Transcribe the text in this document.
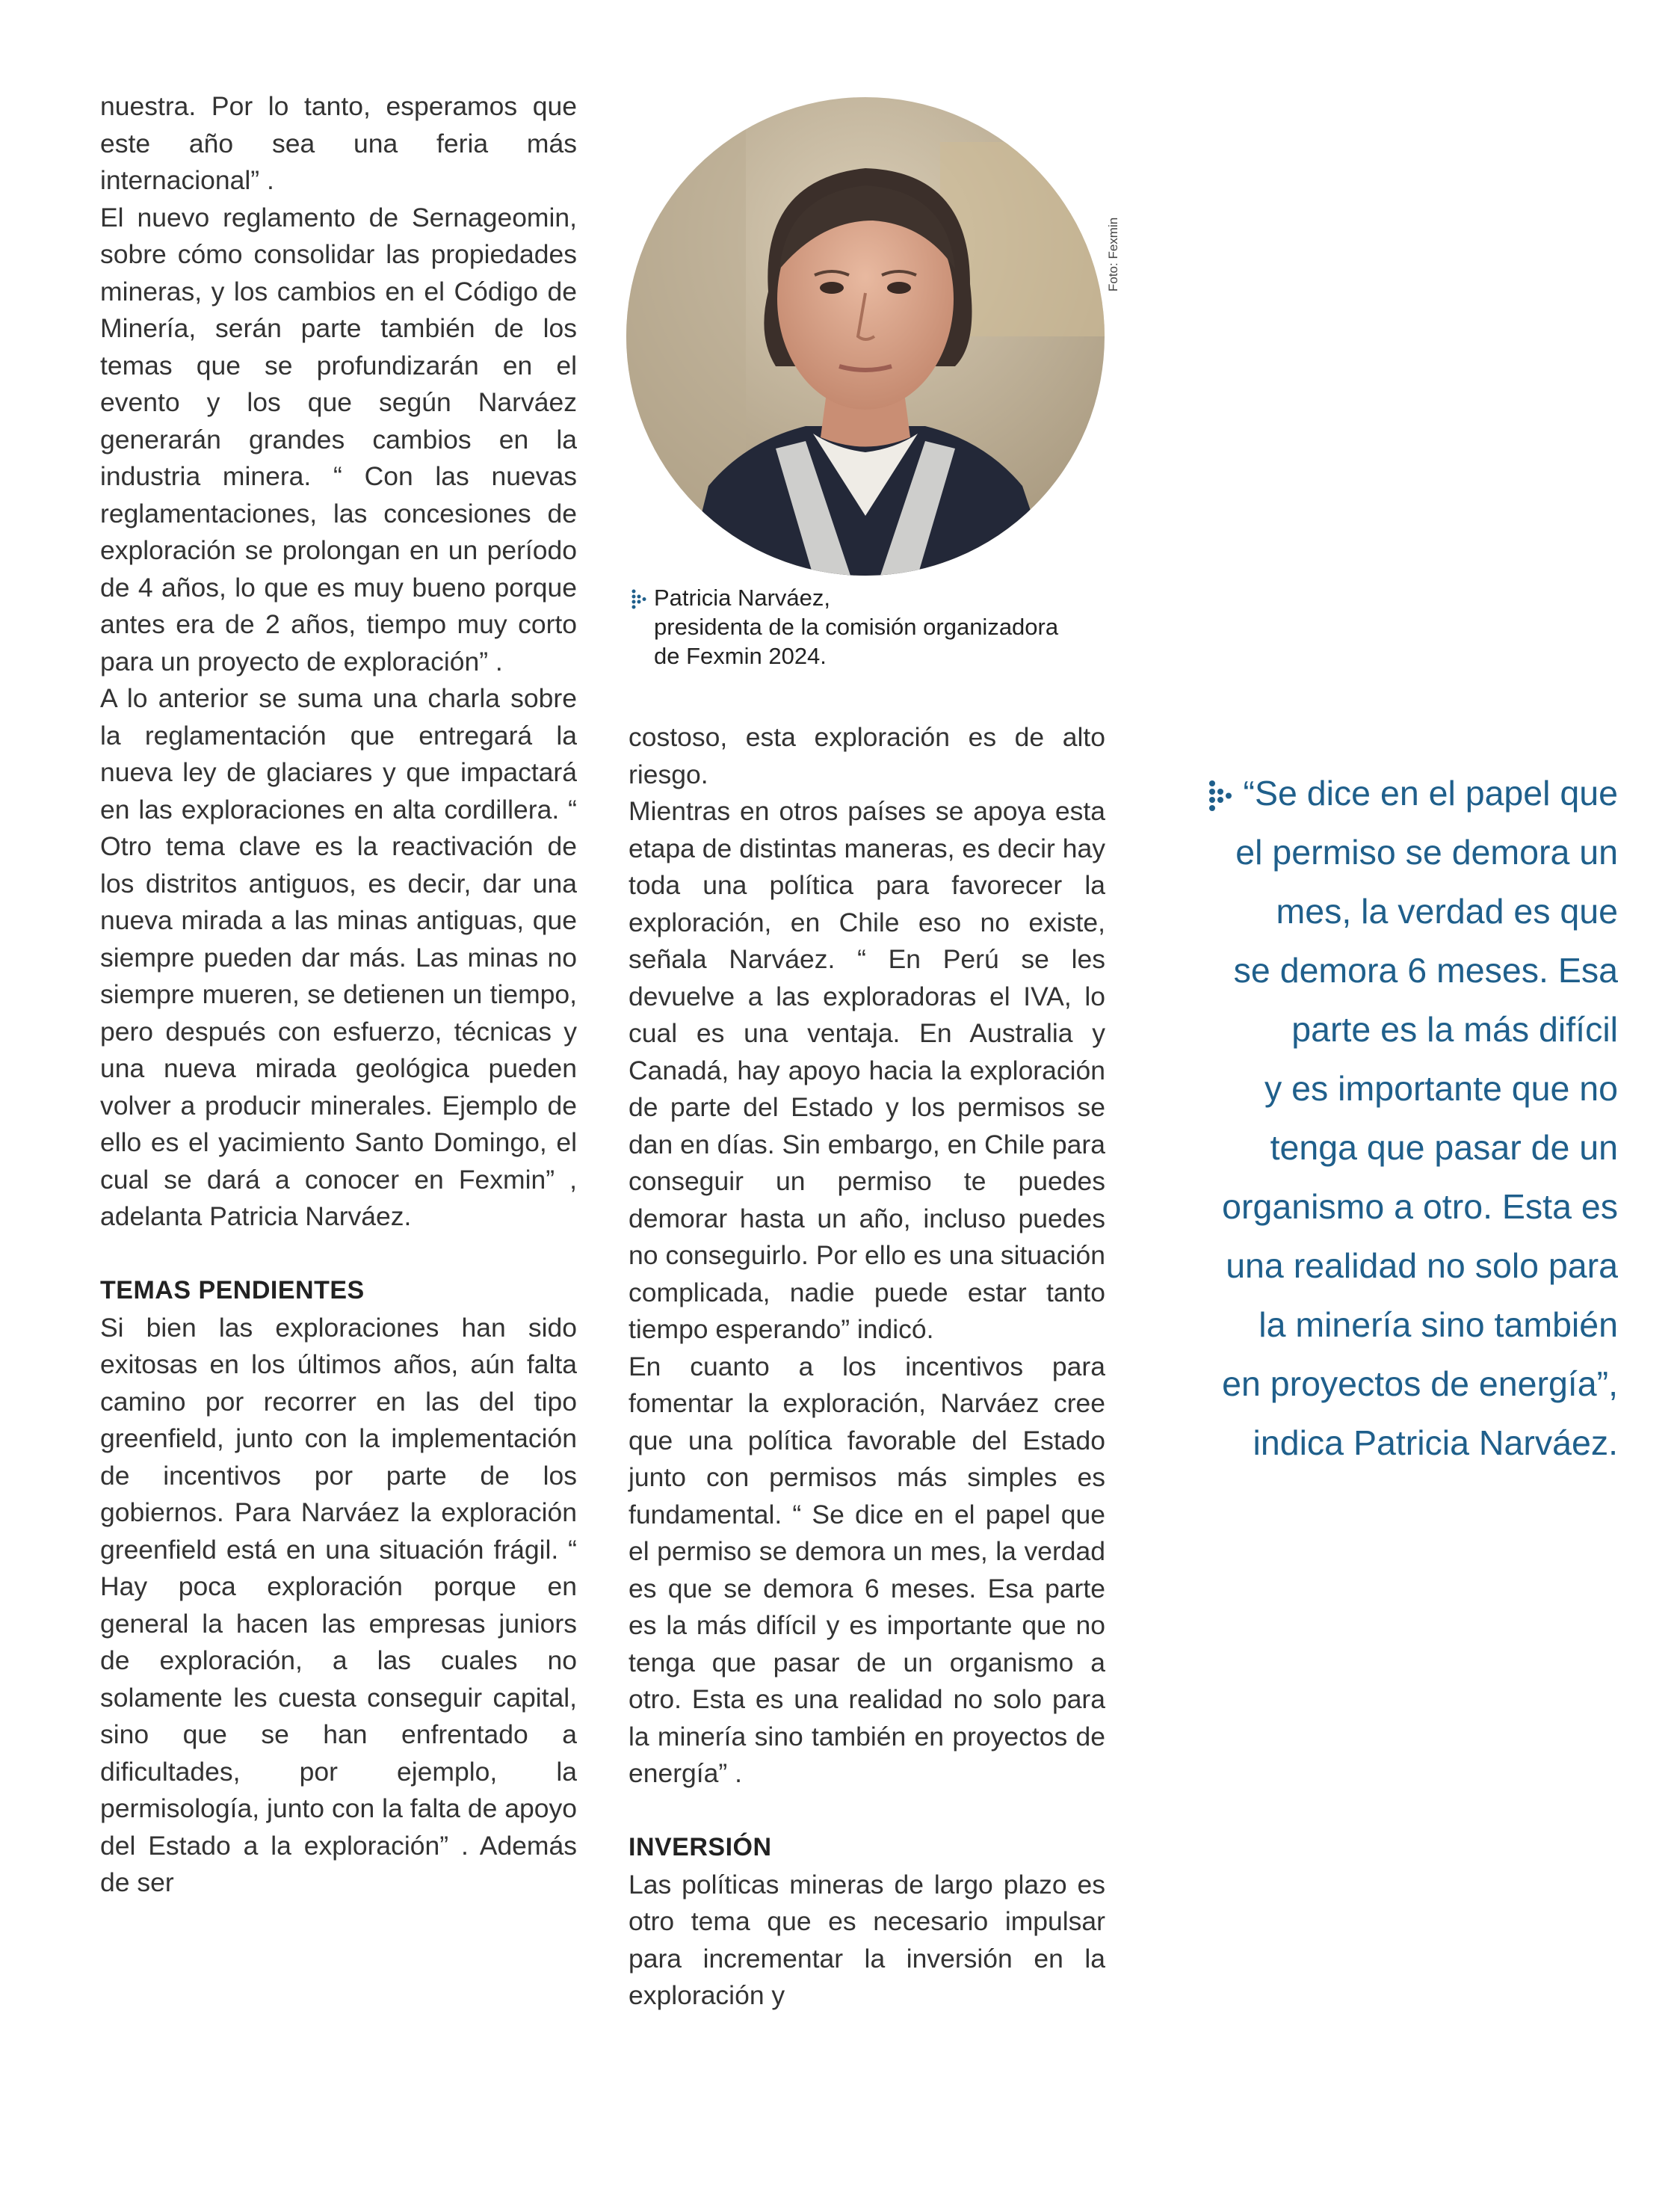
nuestra. Por lo tanto, esperamos que este año sea una feria más internacional” .

El nuevo reglamento de Sernageomin, sobre cómo consolidar las propiedades mineras, y los cambios en el Código de Minería, serán parte también de los temas que se profundizarán en el evento y los que según Narváez generarán grandes cambios en la industria minera. “ Con las nuevas reglamentaciones, las concesiones de exploración se prolongan en un período de 4 años, lo que es muy bueno porque antes era de 2 años, tiempo muy corto para un proyecto de exploración” .

A lo anterior se suma una charla sobre la reglamentación que entregará la nueva ley de glaciares y que impactará en las exploraciones en alta cordillera. “ Otro tema clave es la reactivación de los distritos antiguos, es decir, dar una nueva mirada a las minas antiguas, que siempre pueden dar más. Las minas no siempre mueren, se detienen un tiempo, pero después con esfuerzo, técnicas y una nueva mirada geológica pueden volver a producir minerales. Ejemplo de ello es el yacimiento Santo Domingo, el cual se dará a conocer en Fexmin” , adelanta Patricia Narváez.

TEMAS PENDIENTES

Si bien las exploraciones han sido exitosas en los últimos años, aún falta camino por recorrer en las del tipo greenfield, junto con la implementación de incentivos por parte de los gobiernos. Para Narváez la exploración greenfield está en una situación frágil. “ Hay poca exploración porque en general la hacen las empresas juniors de exploración, a las cuales no solamente les cuesta conseguir capital, sino que se han enfrentado a dificultades, por ejemplo, la permisología, junto con la falta de apoyo del Estado a la exploración” . Además de ser

Foto: Fexmin
Patricia Narváez,
presidenta de la comisión organizadora
de Fexmin 2024.

costoso, esta exploración es de alto riesgo.

Mientras en otros países se apoya esta etapa de distintas maneras, es decir hay toda una política para favorecer la exploración, en Chile eso no existe, señala Narváez. “ En Perú se les devuelve a las exploradoras el IVA, lo cual es una ventaja. En Australia y Canadá, hay apoyo hacia la exploración de parte del Estado y los permisos se dan en días. Sin embargo, en Chile para conseguir un permiso te puedes demorar hasta un año, incluso puedes no conseguirlo. Por ello es una situación complicada, nadie puede estar tanto tiempo esperando” indicó.

En cuanto a los incentivos para fomentar la exploración, Narváez cree que una política favorable del Estado junto con permisos más simples es fundamental. “ Se dice en el papel que el permiso se demora un mes, la verdad es que se demora 6 meses. Esa parte es la más difícil y es importante que no tenga que pasar de un organismo a otro. Esta es una realidad no solo para la minería sino también en proyectos de energía” .

INVERSIÓN

Las políticas mineras de largo plazo es otro tema que es necesario impulsar para incrementar la inversión en la exploración y

“Se dice en el papel que
el permiso se demora un
mes, la verdad es que
se demora 6 meses. Esa
parte es la más difícil
y es importante que no
tenga que pasar de un
organismo a otro. Esta es
una realidad no solo para
la minería sino también
en proyectos de energía”,
indica Patricia Narváez.
